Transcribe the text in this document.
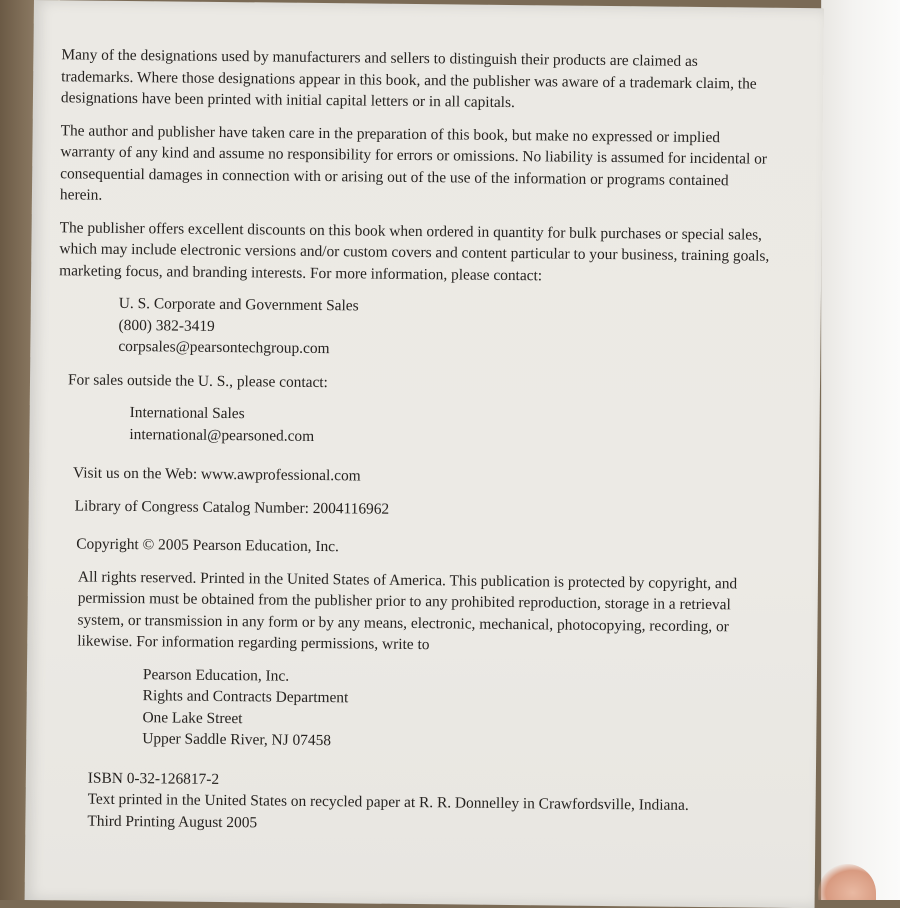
Many of the designations used by manufacturers and sellers to distinguish their products are claimed as trademarks. Where those designations appear in this book, and the publisher was aware of a trademark claim, the designations have been printed with initial capital letters or in all capitals.

The author and publisher have taken care in the preparation of this book, but make no expressed or implied warranty of any kind and assume no responsibility for errors or omissions. No liability is assumed for incidental or consequential damages in connection with or arising out of the use of the information or programs contained herein.

The publisher offers excellent discounts on this book when ordered in quantity for bulk purchases or special sales, which may include electronic versions and/or custom covers and content particular to your business, training goals, marketing focus, and branding interests. For more information, please contact:

U. S. Corporate and Government Sales
(800) 382-3419
corpsales@pearsontechgroup.com

For sales outside the U. S., please contact:

International Sales
international@pearsoned.com

Visit us on the Web: www.awprofessional.com

Library of Congress Catalog Number: 2004116962

Copyright © 2005 Pearson Education, Inc.

All rights reserved. Printed in the United States of America. This publication is protected by copyright, and permission must be obtained from the publisher prior to any prohibited reproduction, storage in a retrieval system, or transmission in any form or by any means, electronic, mechanical, photocopying, recording, or likewise. For information regarding permissions, write to

Pearson Education, Inc.
Rights and Contracts Department
One Lake Street
Upper Saddle River, NJ 07458
ISBN 0-32-126817-2
Text printed in the United States on recycled paper at R. R. Donnelley in Crawfordsville, Indiana.
Third Printing August 2005
